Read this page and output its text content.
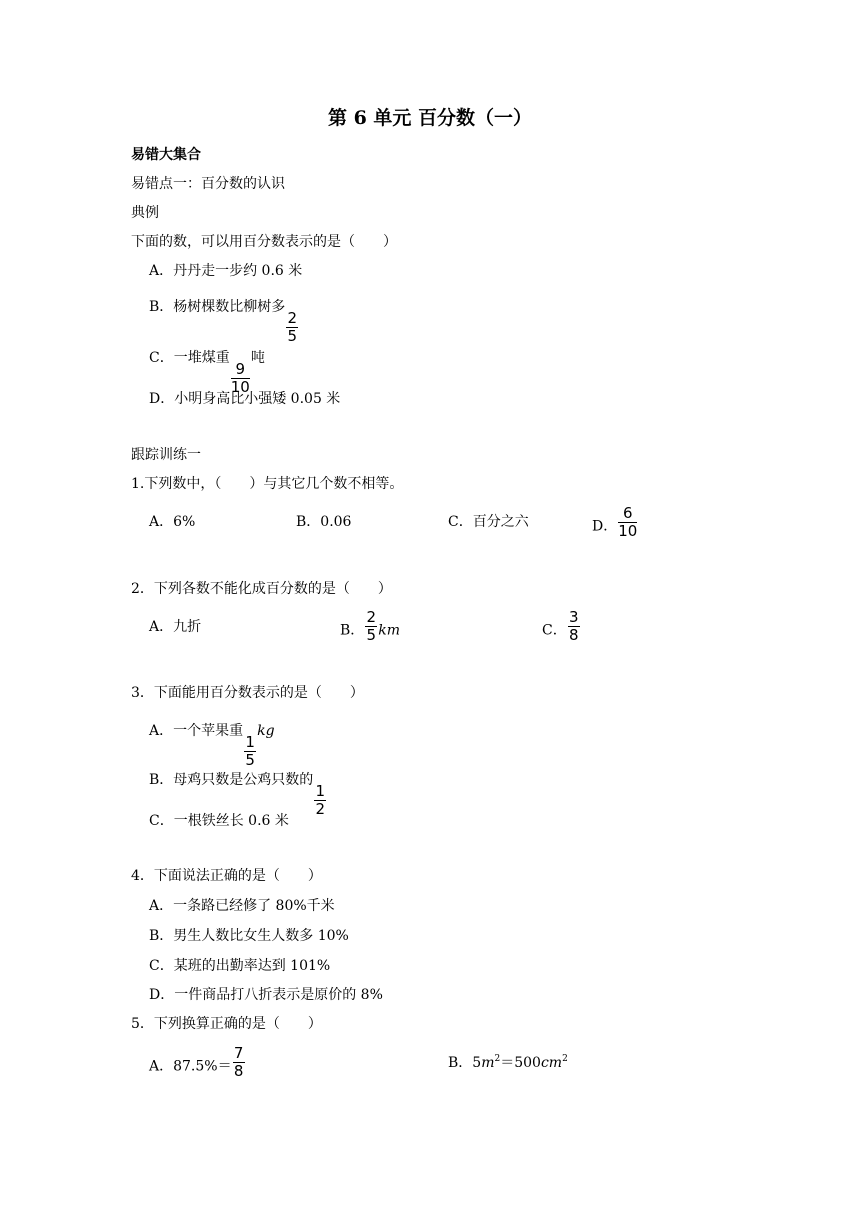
第 6 单元 百分数（一）
易错大集合
易错点一：百分数的认识
典例
下面的数，可以用百分数表示的是（　　）
A．丹丹走一步约 0.6 米
B．杨树棵数比柳树多
$\frac{2}{5}$
C．一堆煤重
$\frac{9}{10}$
吨
D．小明身高比小强矮 0.05 米
跟踪训练一
1.下列数中，（　　）与其它几个数不相等。
A．6%	B．0.06	C．百分之六	D． $\frac{6}{10}$
2．下列各数不能化成百分数的是（　　）
A．九折	B． $\frac{2}{5}$ km	C． $\frac{3}{8}$
3．下面能用百分数表示的是（　　）
A．一个苹果重
$\frac{1}{5}$
kg
B．母鸡只数是公鸡只数的
$\frac{1}{2}$
C．一根铁丝长 0.6 米
4．下面说法正确的是（　　）
A．一条路已经修了 80%千米
B．男生人数比女生人数多 10%
C．某班的出勤率达到 101%
D．一件商品打八折表示是原价的 8%
5．下列换算正确的是（　　）
A．$87.5\%= \frac{7}{8}$	B．$5m^2=500cm^2$
